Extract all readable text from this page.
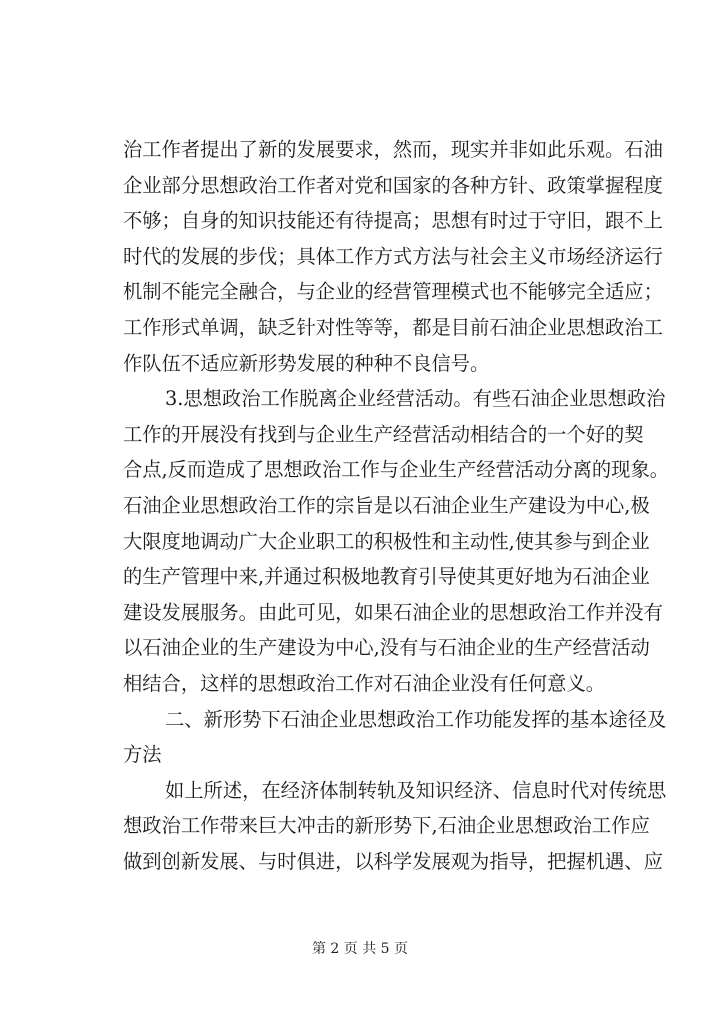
治工作者提出了新的发展要求，然而，现实并非如此乐观。石油
企业部分思想政治工作者对党和国家的各种方针、政策掌握程度
不够；自身的知识技能还有待提高；思想有时过于守旧，跟不上
时代的发展的步伐；具体工作方式方法与社会主义市场经济运行
机制不能完全融合，与企业的经营管理模式也不能够完全适应；
工作形式单调，缺乏针对性等等，都是目前石油企业思想政治工
作队伍不适应新形势发展的种种不良信号。
3.思想政治工作脱离企业经营活动。有些石油企业思想政治
工作的开展没有找到与企业生产经营活动相结合的一个好的契
合点,反而造成了思想政治工作与企业生产经营活动分离的现象。
石油企业思想政治工作的宗旨是以石油企业生产建设为中心,极
大限度地调动广大企业职工的积极性和主动性,使其参与到企业
的生产管理中来,并通过积极地教育引导使其更好地为石油企业
建设发展服务。由此可见，如果石油企业的思想政治工作并没有
以石油企业的生产建设为中心,没有与石油企业的生产经营活动
相结合，这样的思想政治工作对石油企业没有任何意义。
二、新形势下石油企业思想政治工作功能发挥的基本途径及
方法
如上所述，在经济体制转轨及知识经济、信息时代对传统思
想政治工作带来巨大冲击的新形势下,石油企业思想政治工作应
做到创新发展、与时俱进，以科学发展观为指导，把握机遇、应
第 2 页 共 5 页
